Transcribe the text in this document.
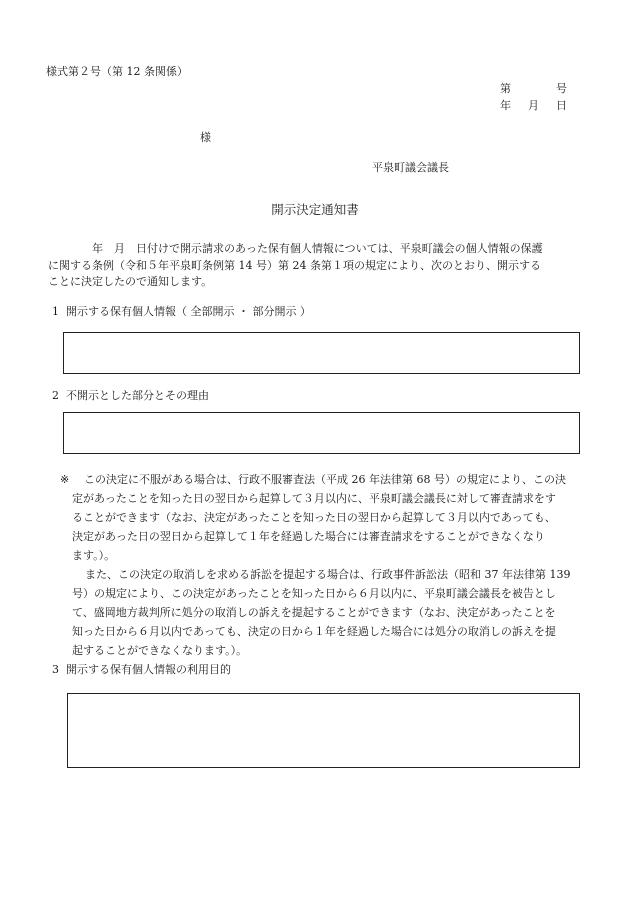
様式第２号（第 12 条関係）
第	号
年 月 日
様
平泉町議会議長
開示決定通知書

　　　　年　月　日付けで開示請求のあった保有個人情報については、平泉町議会の個人情報の保護

に関する条例（令和５年平泉町条例第 14 号）第 24 条第１項の規定により、次のとおり、開示する

ことに決定したので通知します。

1 開示する保有個人情報（ 全部開示 ・ 部分開示 ）
2 不開示とした部分とその理由

※ この決定に不服がある場合は、行政不服審査法（平成 26 年法律第 68 号）の規定により、この決

定があったことを知った日の翌日から起算して３月以内に、平泉町議会議長に対して審査請求をす

ることができます（なお、決定があったことを知った日の翌日から起算して３月以内であっても、

決定があった日の翌日から起算して１年を経過した場合には審査請求をすることができなくなり

ます。）。

また、この決定の取消しを求める訴訟を提起する場合は、行政事件訴訟法（昭和 37 年法律第 139

号）の規定により、この決定があったことを知った日から６月以内に、平泉町議会議長を被告とし

て、盛岡地方裁判所に処分の取消しの訴えを提起することができます（なお、決定があったことを

知った日から６月以内であっても、決定の日から１年を経過した場合には処分の取消しの訴えを提

起することができなくなります。）。

3 開示する保有個人情報の利用目的
